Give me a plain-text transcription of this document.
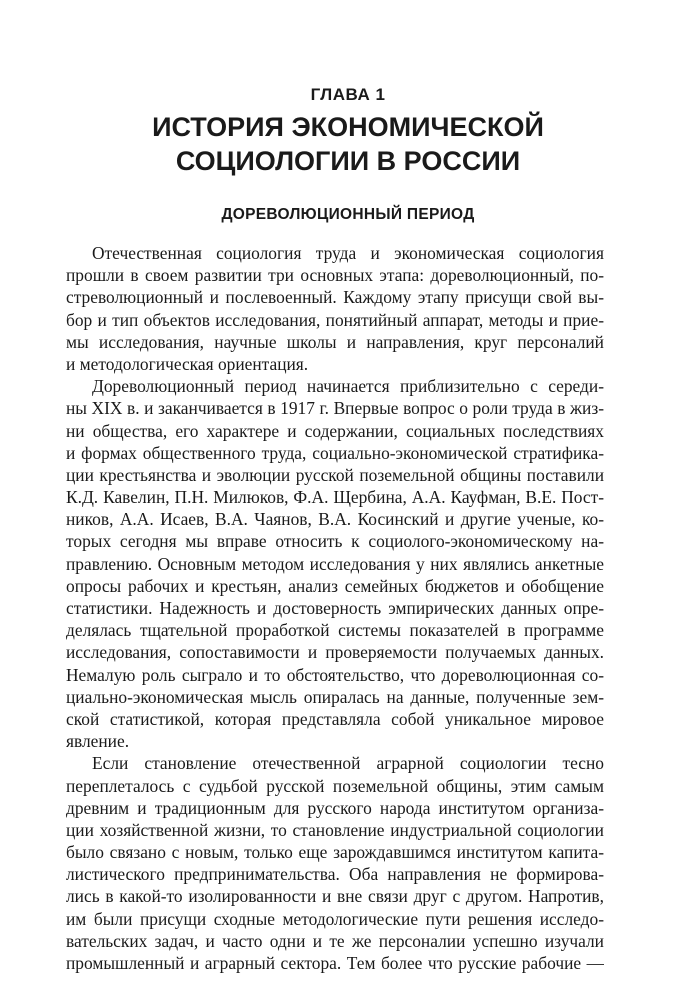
ГЛАВА 1
ИСТОРИЯ ЭКОНОМИЧЕСКОЙ
СОЦИОЛОГИИ В РОССИИ
ДОРЕВОЛЮЦИОННЫЙ ПЕРИОД
Отечественная социология труда и экономическая социология
прошли в своем развитии три основных этапа: дореволюционный, по-
стреволюционный и послевоенный. Каждому этапу присущи свой вы-
бор и тип объектов исследования, понятийный аппарат, методы и прие-
мы исследования, научные школы и направления, круг персоналий
и методологическая ориентация.
Дореволюционный период начинается приблизительно с середи-
ны XIX в. и заканчивается в 1917 г. Впервые вопрос о роли труда в жиз-
ни общества, его характере и содержании, социальных последствиях
и формах общественного труда, социально-экономической стратифика-
ции крестьянства и эволюции русской поземельной общины поставили
К.Д. Кавелин, П.Н. Милюков, Ф.А. Щербина, А.А. Кауфман, В.Е. Пост-
ников, А.А. Исаев, В.А. Чаянов, В.А. Косинский и другие ученые, ко-
торых сегодня мы вправе относить к социолого-экономическому на-
правлению. Основным методом исследования у них являлись анкетные
опросы рабочих и крестьян, анализ семейных бюджетов и обобщение
статистики. Надежность и достоверность эмпирических данных опре-
делялась тщательной проработкой системы показателей в программе
исследования, сопоставимости и проверяемости получаемых данных.
Немалую роль сыграло и то обстоятельство, что дореволюционная со-
циально-экономическая мысль опиралась на данные, полученные зем-
ской статистикой, которая представляла собой уникальное мировое
явление.
Если становление отечественной аграрной социологии тесно
переплеталось с судьбой русской поземельной общины, этим самым
древним и традиционным для русского народа институтом организа-
ции хозяйственной жизни, то становление индустриальной социологии
было связано с новым, только еще зарождавшимся институтом капита-
листического предпринимательства. Оба направления не формирова-
лись в какой-то изолированности и вне связи друг с другом. Напротив,
им были присущи сходные методологические пути решения исследо-
вательских задач, и часто одни и те же персоналии успешно изучали
промышленный и аграрный сектора. Тем более что русские рабочие —
